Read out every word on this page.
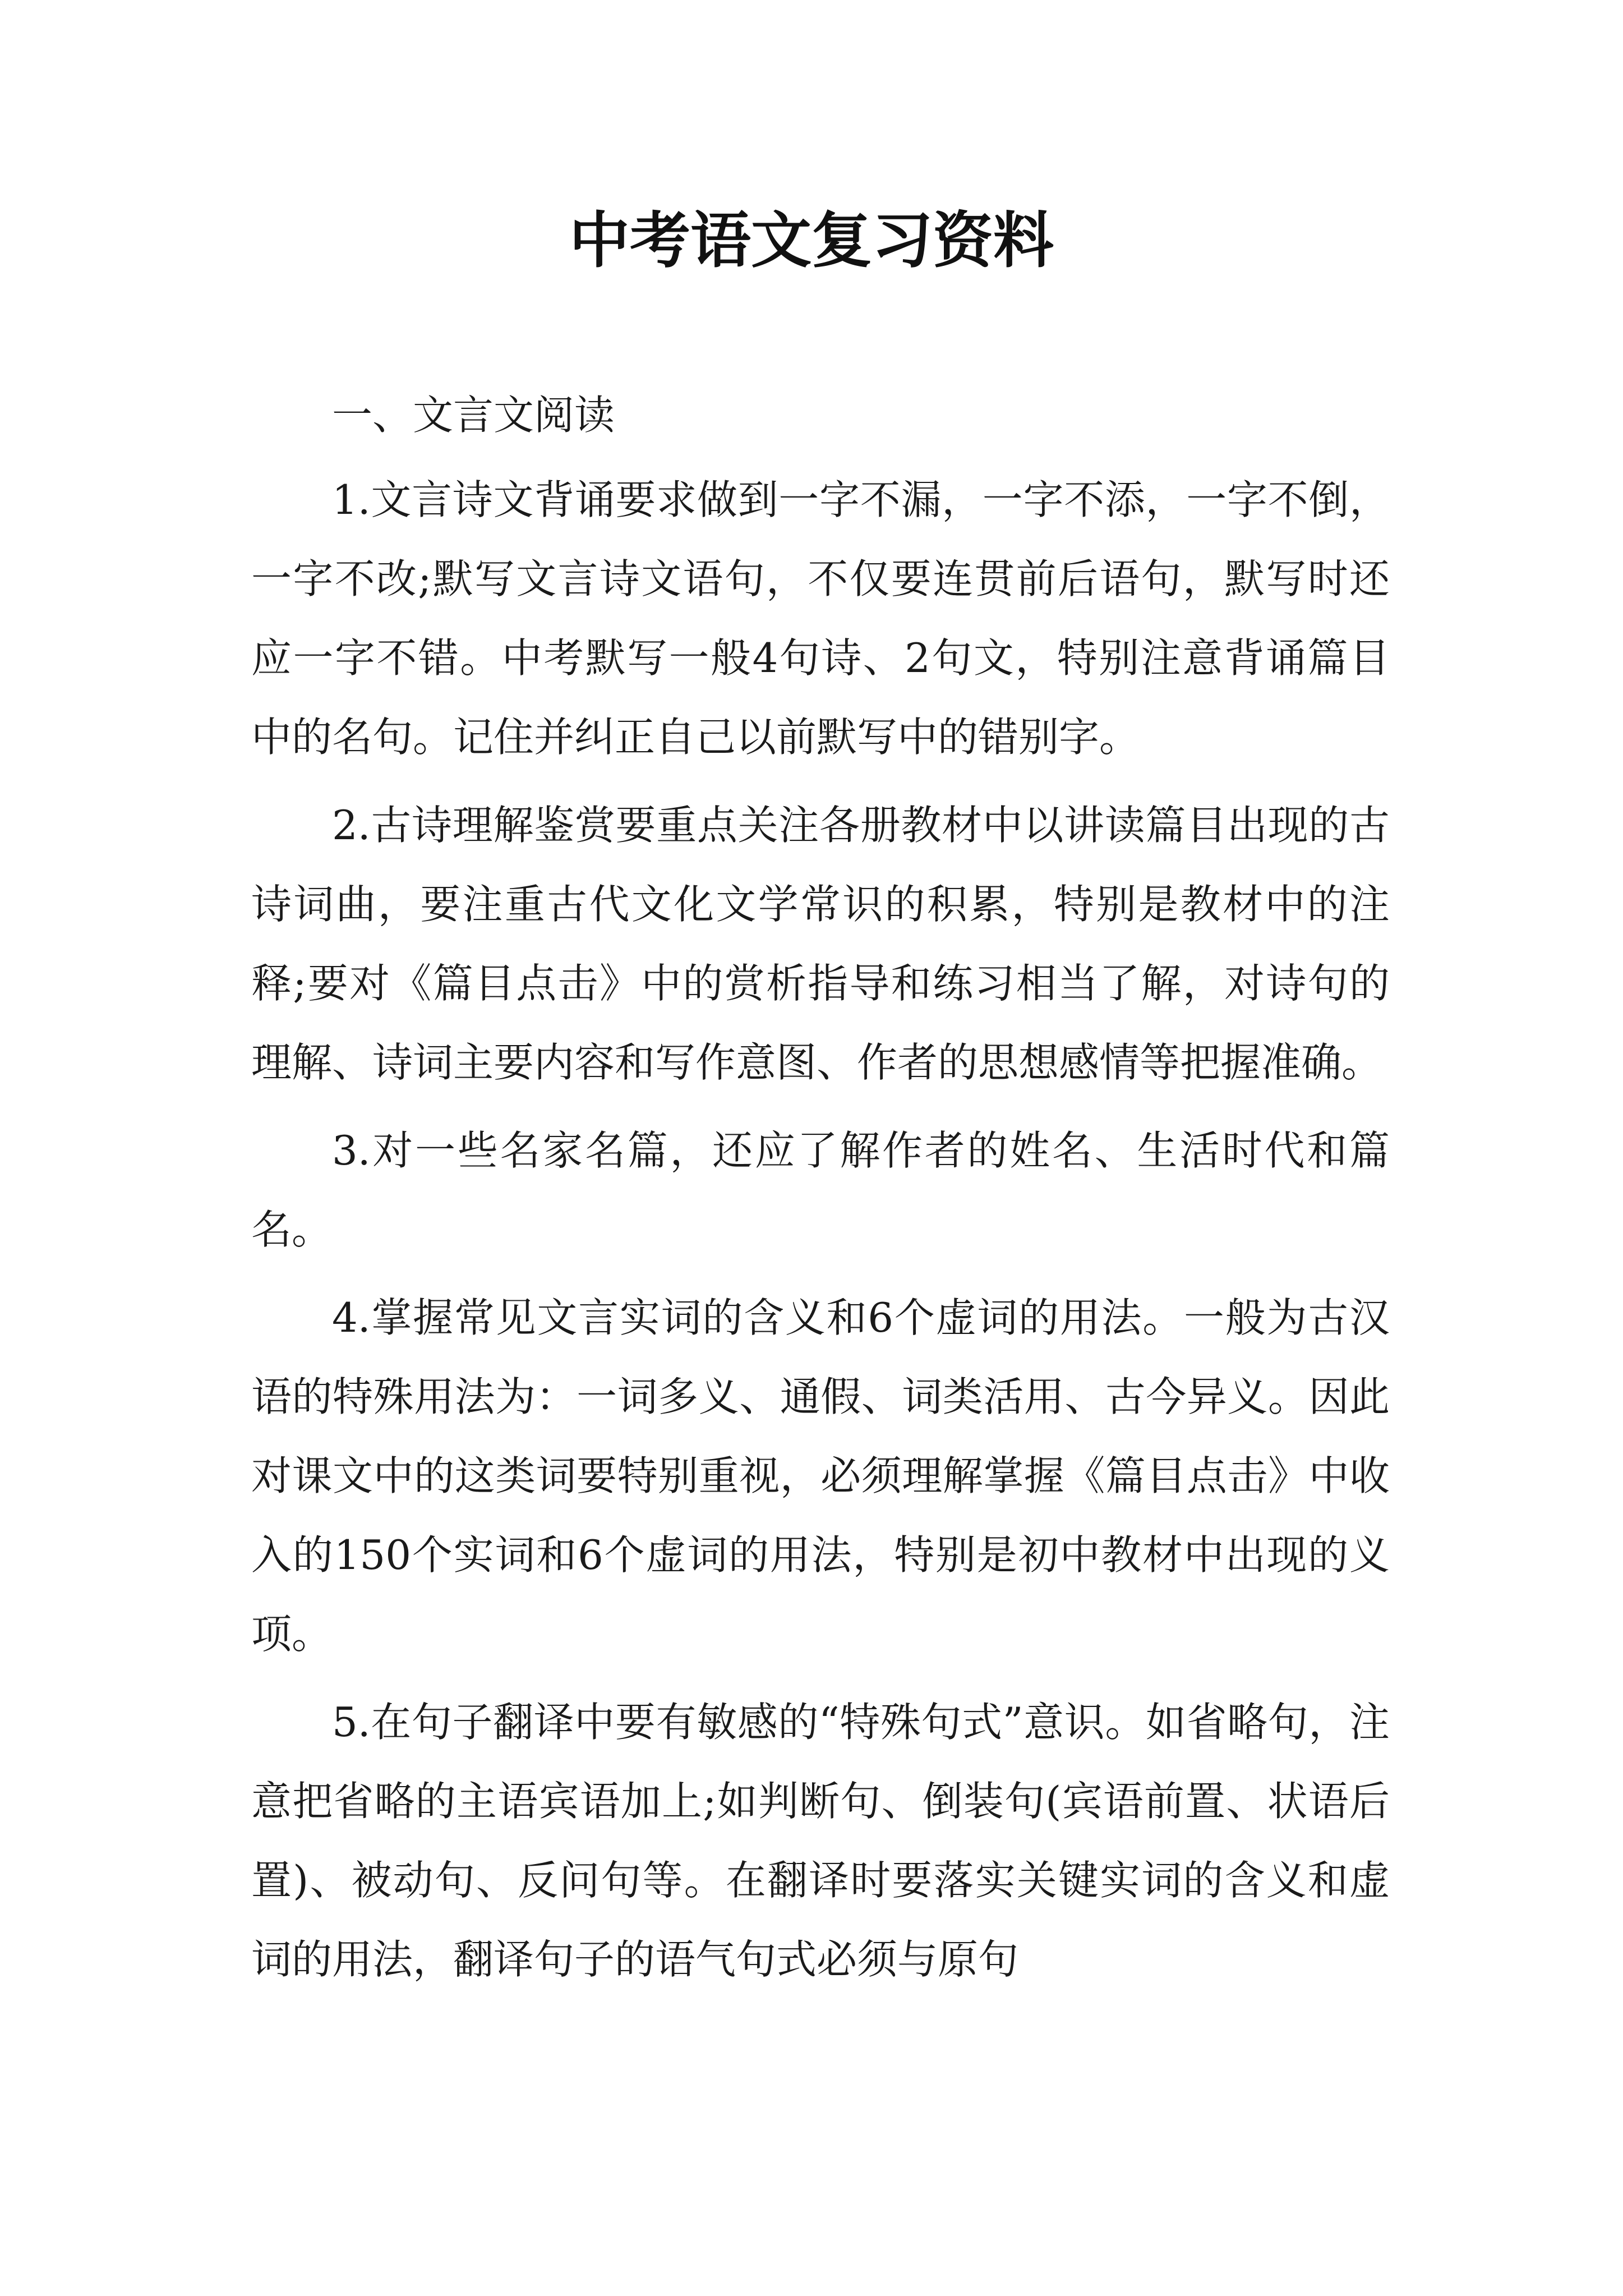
中考语文复习资料

一、文言文阅读

1.文言诗文背诵要求做到一字不漏，一字不添，一字不倒，一字不改;默写文言诗文语句，不仅要连贯前后语句，默写时还应一字不错。中考默写一般4句诗、2句文，特别注意背诵篇目中的名句。记住并纠正自己以前默写中的错别字。

2.古诗理解鉴赏要重点关注各册教材中以讲读篇目出现的古诗词曲，要注重古代文化文学常识的积累，特别是教材中的注释;要对《篇目点击》中的赏析指导和练习相当了解，对诗句的理解、诗词主要内容和写作意图、作者的思想感情等把握准确。

3.对一些名家名篇，还应了解作者的姓名、生活时代和篇名。

4.掌握常见文言实词的含义和6个虚词的用法。一般为古汉语的特殊用法为：一词多义、通假、词类活用、古今异义。因此对课文中的这类词要特别重视，必须理解掌握《篇目点击》中收入的150个实词和6个虚词的用法，特别是初中教材中出现的义项。

5.在句子翻译中要有敏感的“特殊句式”意识。如省略句，注意把省略的主语宾语加上;如判断句、倒装句(宾语前置、状语后置)、被动句、反问句等。在翻译时要落实关键实词的含义和虚词的用法，翻译句子的语气句式必须与原句
